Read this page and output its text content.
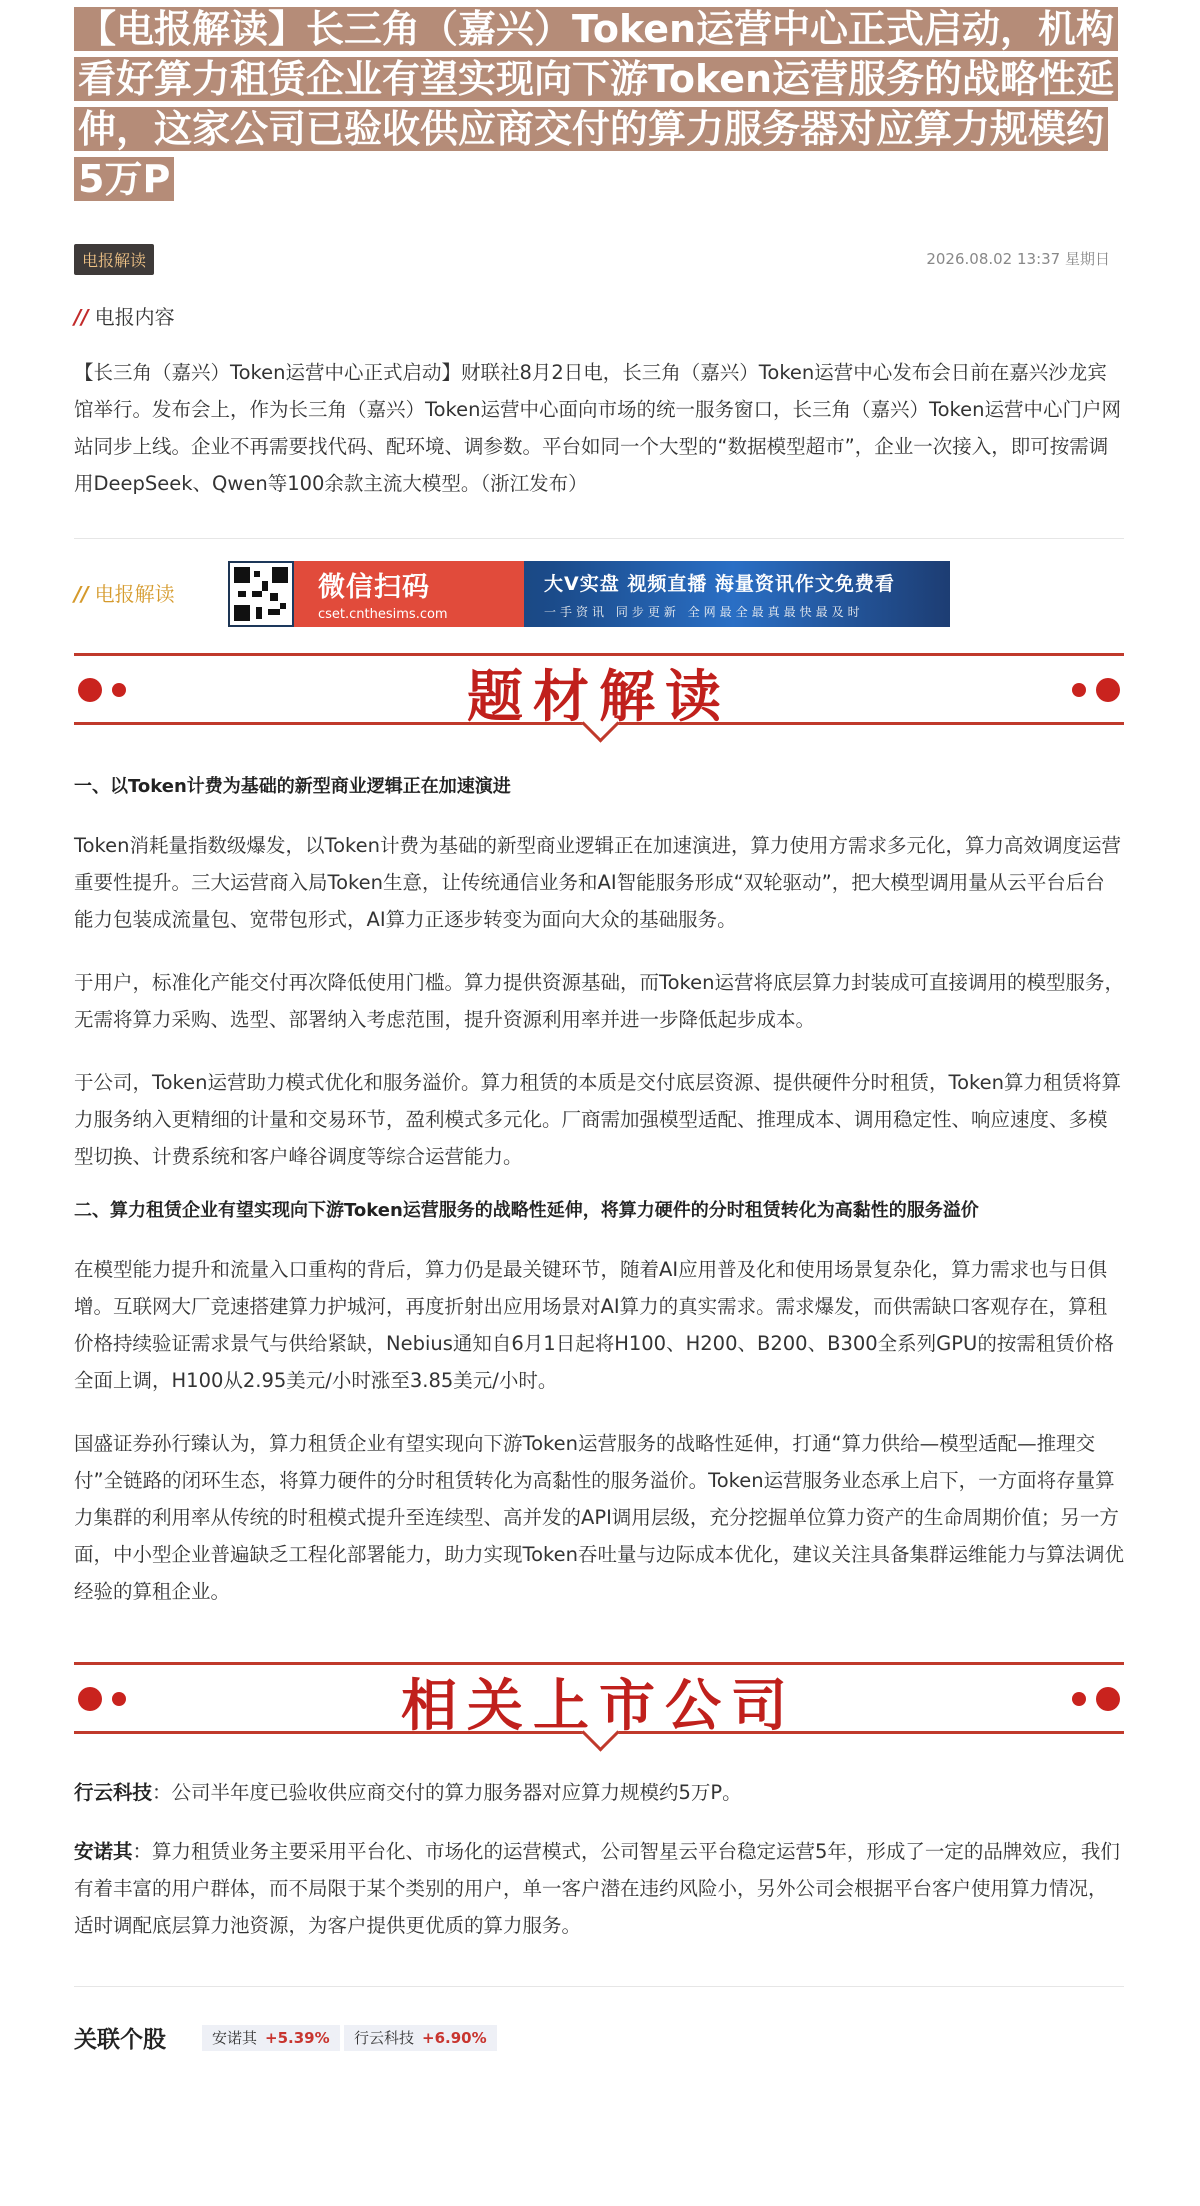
【电报解读】长三角（嘉兴）Token运营中心正式启动，机构看好算力租赁企业有望实现向下游Token运营服务的战略性延伸，这家公司已验收供应商交付的算力服务器对应算力规模约5万P
电报解读	2026.08.02 13:37 星期日
// 电报内容

【长三角（嘉兴）Token运营中心正式启动】财联社8月2日电，长三角（嘉兴）Token运营中心发布会日前在嘉兴沙龙宾馆举行。发布会上，作为长三角（嘉兴）Token运营中心面向市场的统一服务窗口，长三角（嘉兴）Token运营中心门户网站同步上线。企业不再需要找代码、配环境、调参数。平台如同一个大型的“数据模型超市”，企业一次接入，即可按需调用DeepSeek、Qwen等100余款主流大模型。（浙江发布）

// 电报解读	微信扫码
cset.cnthesims.com
大V实盘 视频直播 海量资讯作文免费看
一手资讯 同步更新 全网最全最真最快最及时
题材解读
一、以Token计费为基础的新型商业逻辑正在加速演进

Token消耗量指数级爆发，以Token计费为基础的新型商业逻辑正在加速演进，算力使用方需求多元化，算力高效调度运营重要性提升。三大运营商入局Token生意，让传统通信业务和AI智能服务形成“双轮驱动”，把大模型调用量从云平台后台能力包装成流量包、宽带包形式，AI算力正逐步转变为面向大众的基础服务。

于用户，标准化产能交付再次降低使用门槛。算力提供资源基础，而Token运营将底层算力封装成可直接调用的模型服务，无需将算力采购、选型、部署纳入考虑范围，提升资源利用率并进一步降低起步成本。

于公司，Token运营助力模式优化和服务溢价。算力租赁的本质是交付底层资源、提供硬件分时租赁，Token算力租赁将算力服务纳入更精细的计量和交易环节，盈利模式多元化。厂商需加强模型适配、推理成本、调用稳定性、响应速度、多模型切换、计费系统和客户峰谷调度等综合运营能力。

二、算力租赁企业有望实现向下游Token运营服务的战略性延伸，将算力硬件的分时租赁转化为高黏性的服务溢价

在模型能力提升和流量入口重构的背后，算力仍是最关键环节，随着AI应用普及化和使用场景复杂化，算力需求也与日俱增。互联网大厂竞速搭建算力护城河，再度折射出应用场景对AI算力的真实需求。需求爆发，而供需缺口客观存在，算租价格持续验证需求景气与供给紧缺，Nebius通知自6月1日起将H100、H200、B200、B300全系列GPU的按需租赁价格全面上调，H100从2.95美元/小时涨至3.85美元/小时。

国盛证券孙行臻认为，算力租赁企业有望实现向下游Token运营服务的战略性延伸，打通“算力供给—模型适配—推理交付”全链路的闭环生态，将算力硬件的分时租赁转化为高黏性的服务溢价。Token运营服务业态承上启下，一方面将存量算力集群的利用率从传统的时租模式提升至连续型、高并发的API调用层级，充分挖掘单位算力资产的生命周期价值；另一方面，中小型企业普遍缺乏工程化部署能力，助力实现Token吞吐量与边际成本优化，建议关注具备集群运维能力与算法调优经验的算租企业。

相关上市公司

行云科技：公司半年度已验收供应商交付的算力服务器对应算力规模约5万P。

安诺其：算力租赁业务主要采用平台化、市场化的运营模式，公司智星云平台稳定运营5年，形成了一定的品牌效应，我们有着丰富的用户群体，而不局限于某个类别的用户，单一客户潜在违约风险小，另外公司会根据平台客户使用算力情况，适时调配底层算力池资源，为客户提供更优质的算力服务。

关联个股	安诺其 +5.39%	行云科技 +6.90%
